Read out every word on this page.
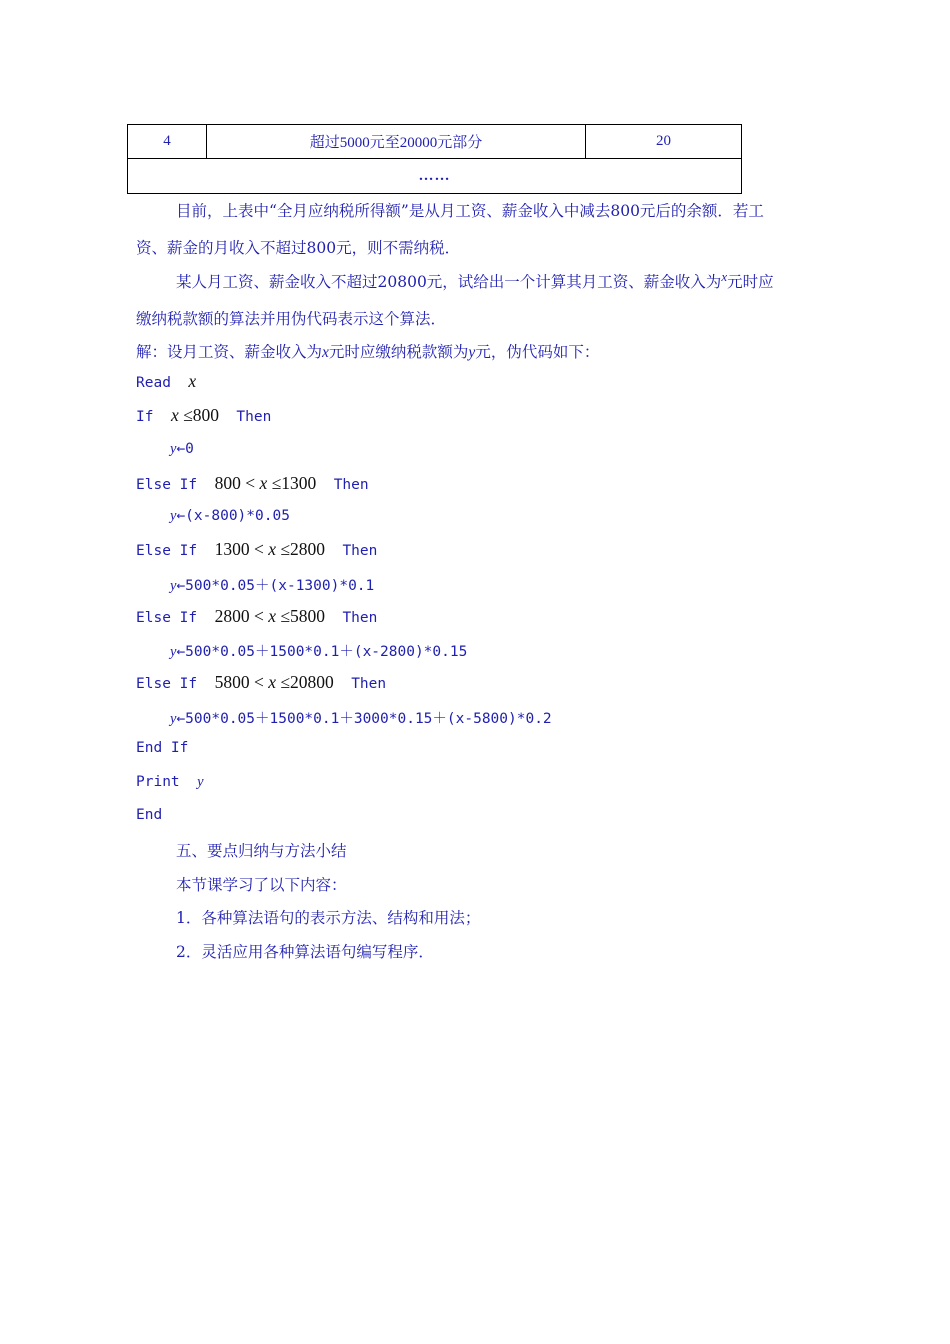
4	超过5000元至20000元部分	20
……
目前，上表中“全月应纳税所得额”是从月工资、薪金收入中减去800元后的余额．若工
资、薪金的月收入不超过800元，则不需纳税．
某人月工资、薪金收入不超过20800元，试给出一个计算其月工资、薪金收入为$^x$元时应
缴纳税款额的算法并用伪代码表示这个算法．
解：设月工资、薪金收入为x元时应缴纳税款额为y元，伪代码如下：
Read x
If x ≤800 Then
y←0
Else If 800 < x ≤1300 Then
y←(x-800)*0.05
Else If 1300 < x ≤2800 Then
y←500*0.05＋(x-1300)*0.1
Else If 2800 < x ≤5800 Then
y←500*0.05＋1500*0.1＋(x-2800)*0.15
Else If 5800 < x ≤20800 Then
y←500*0.05＋1500*0.1＋3000*0.15＋(x-5800)*0.2
End If
Print y
End
五、要点归纳与方法小结
本节课学习了以下内容：
1．各种算法语句的表示方法、结构和用法；
2．灵活应用各种算法语句编写程序．
